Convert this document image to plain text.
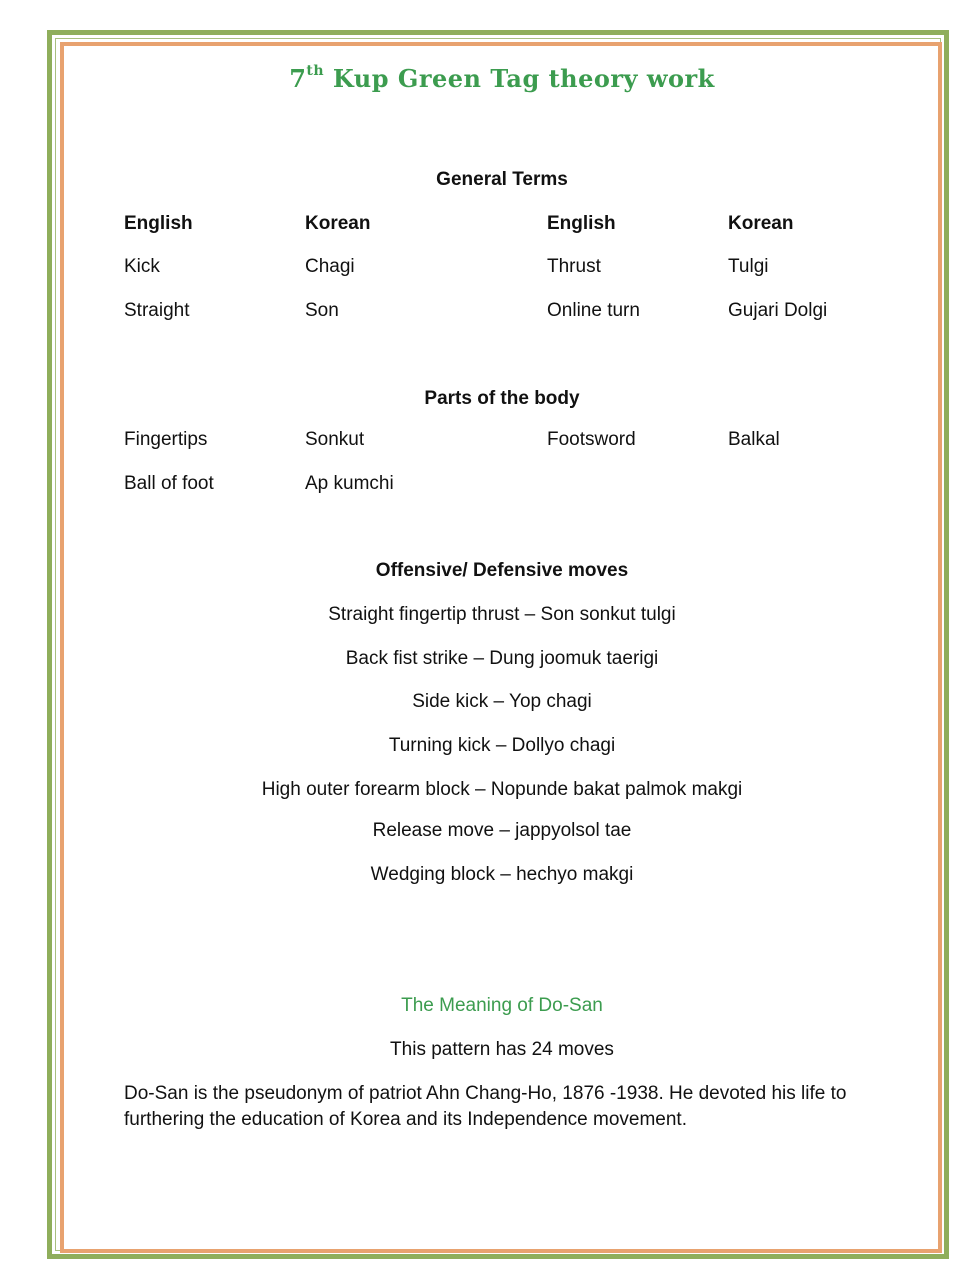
7th Kup Green Tag theory work
General Terms
English	Korean	English	Korean
Kick	Chagi	Thrust	Tulgi
Straight	Son	Online turn	Gujari Dolgi
Parts of the body
Fingertips	Sonkut	Footsword	Balkal
Ball of foot	Ap kumchi
Offensive/ Defensive moves
Straight fingertip thrust – Son sonkut tulgi
Back fist strike – Dung joomuk taerigi
Side kick – Yop chagi
Turning kick – Dollyo chagi
High outer forearm block – Nopunde bakat palmok makgi
Release move – jappyolsol tae
Wedging block – hechyo makgi
The Meaning of Do-San
This pattern has 24 moves
Do-San is the pseudonym of patriot Ahn Chang-Ho, 1876 -1938. He devoted his life to furthering the education of Korea and its Independence movement.
